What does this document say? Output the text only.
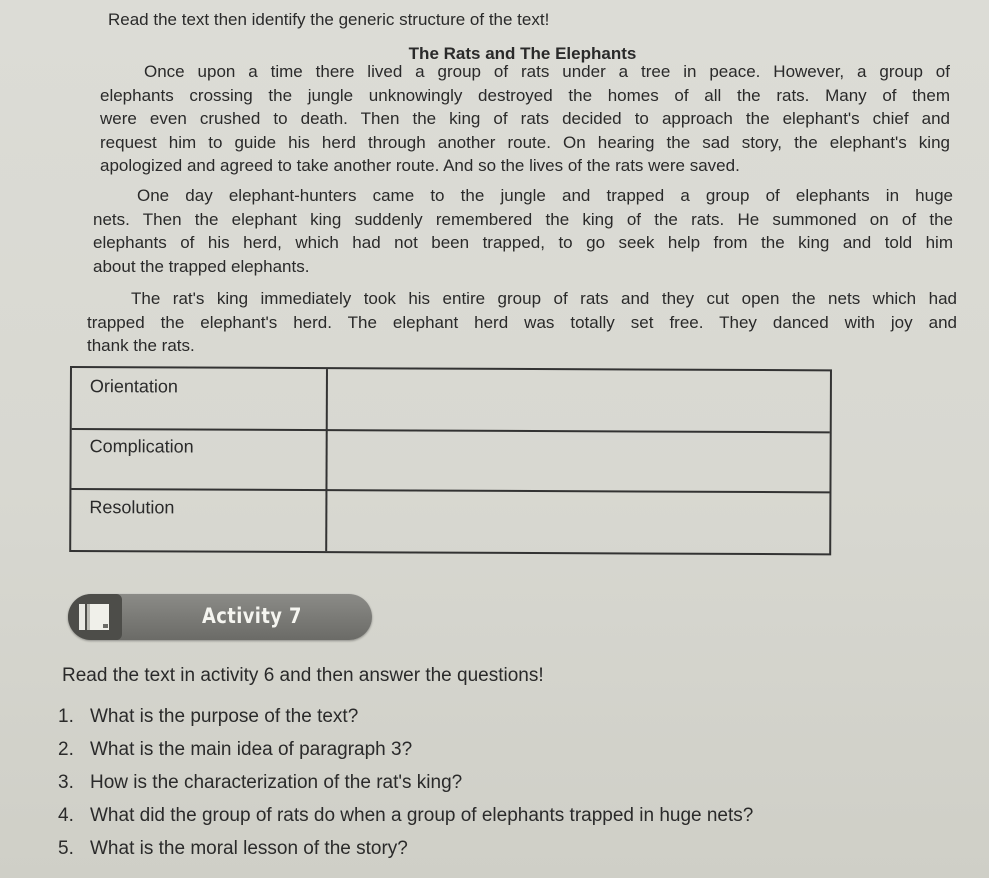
Read the text then identify the generic structure of the text!
The Rats and The Elephants
Once upon a time there lived a group of rats under a tree in peace. However, a group of
elephants crossing the jungle unknowingly destroyed the homes of all the rats. Many of them
were even crushed to death. Then the king of rats decided to approach the elephant's chief and
request him to guide his herd through another route. On hearing the sad story, the elephant's king
apologized and agreed to take another route. And so the lives of the rats were saved.
One day elephant-hunters came to the jungle and trapped a group of elephants in huge
nets. Then the elephant king suddenly remembered the king of the rats. He summoned on of the
elephants of his herd, which had not been trapped, to go seek help from the king and told him
about the trapped elephants.
The rat's king immediately took his entire group of rats and they cut open the nets which had
trapped the elephant's herd. The elephant herd was totally set free. They danced with joy and
thank the rats.
Orientation
Complication
Resolution
Activity 7
Read the text in activity 6 and then answer the questions!
1. What is the purpose of the text?
2. What is the main idea of paragraph 3?
3. How is the characterization of the rat's king?
4. What did the group of rats do when a group of elephants trapped in huge nets?
5. What is the moral lesson of the story?
